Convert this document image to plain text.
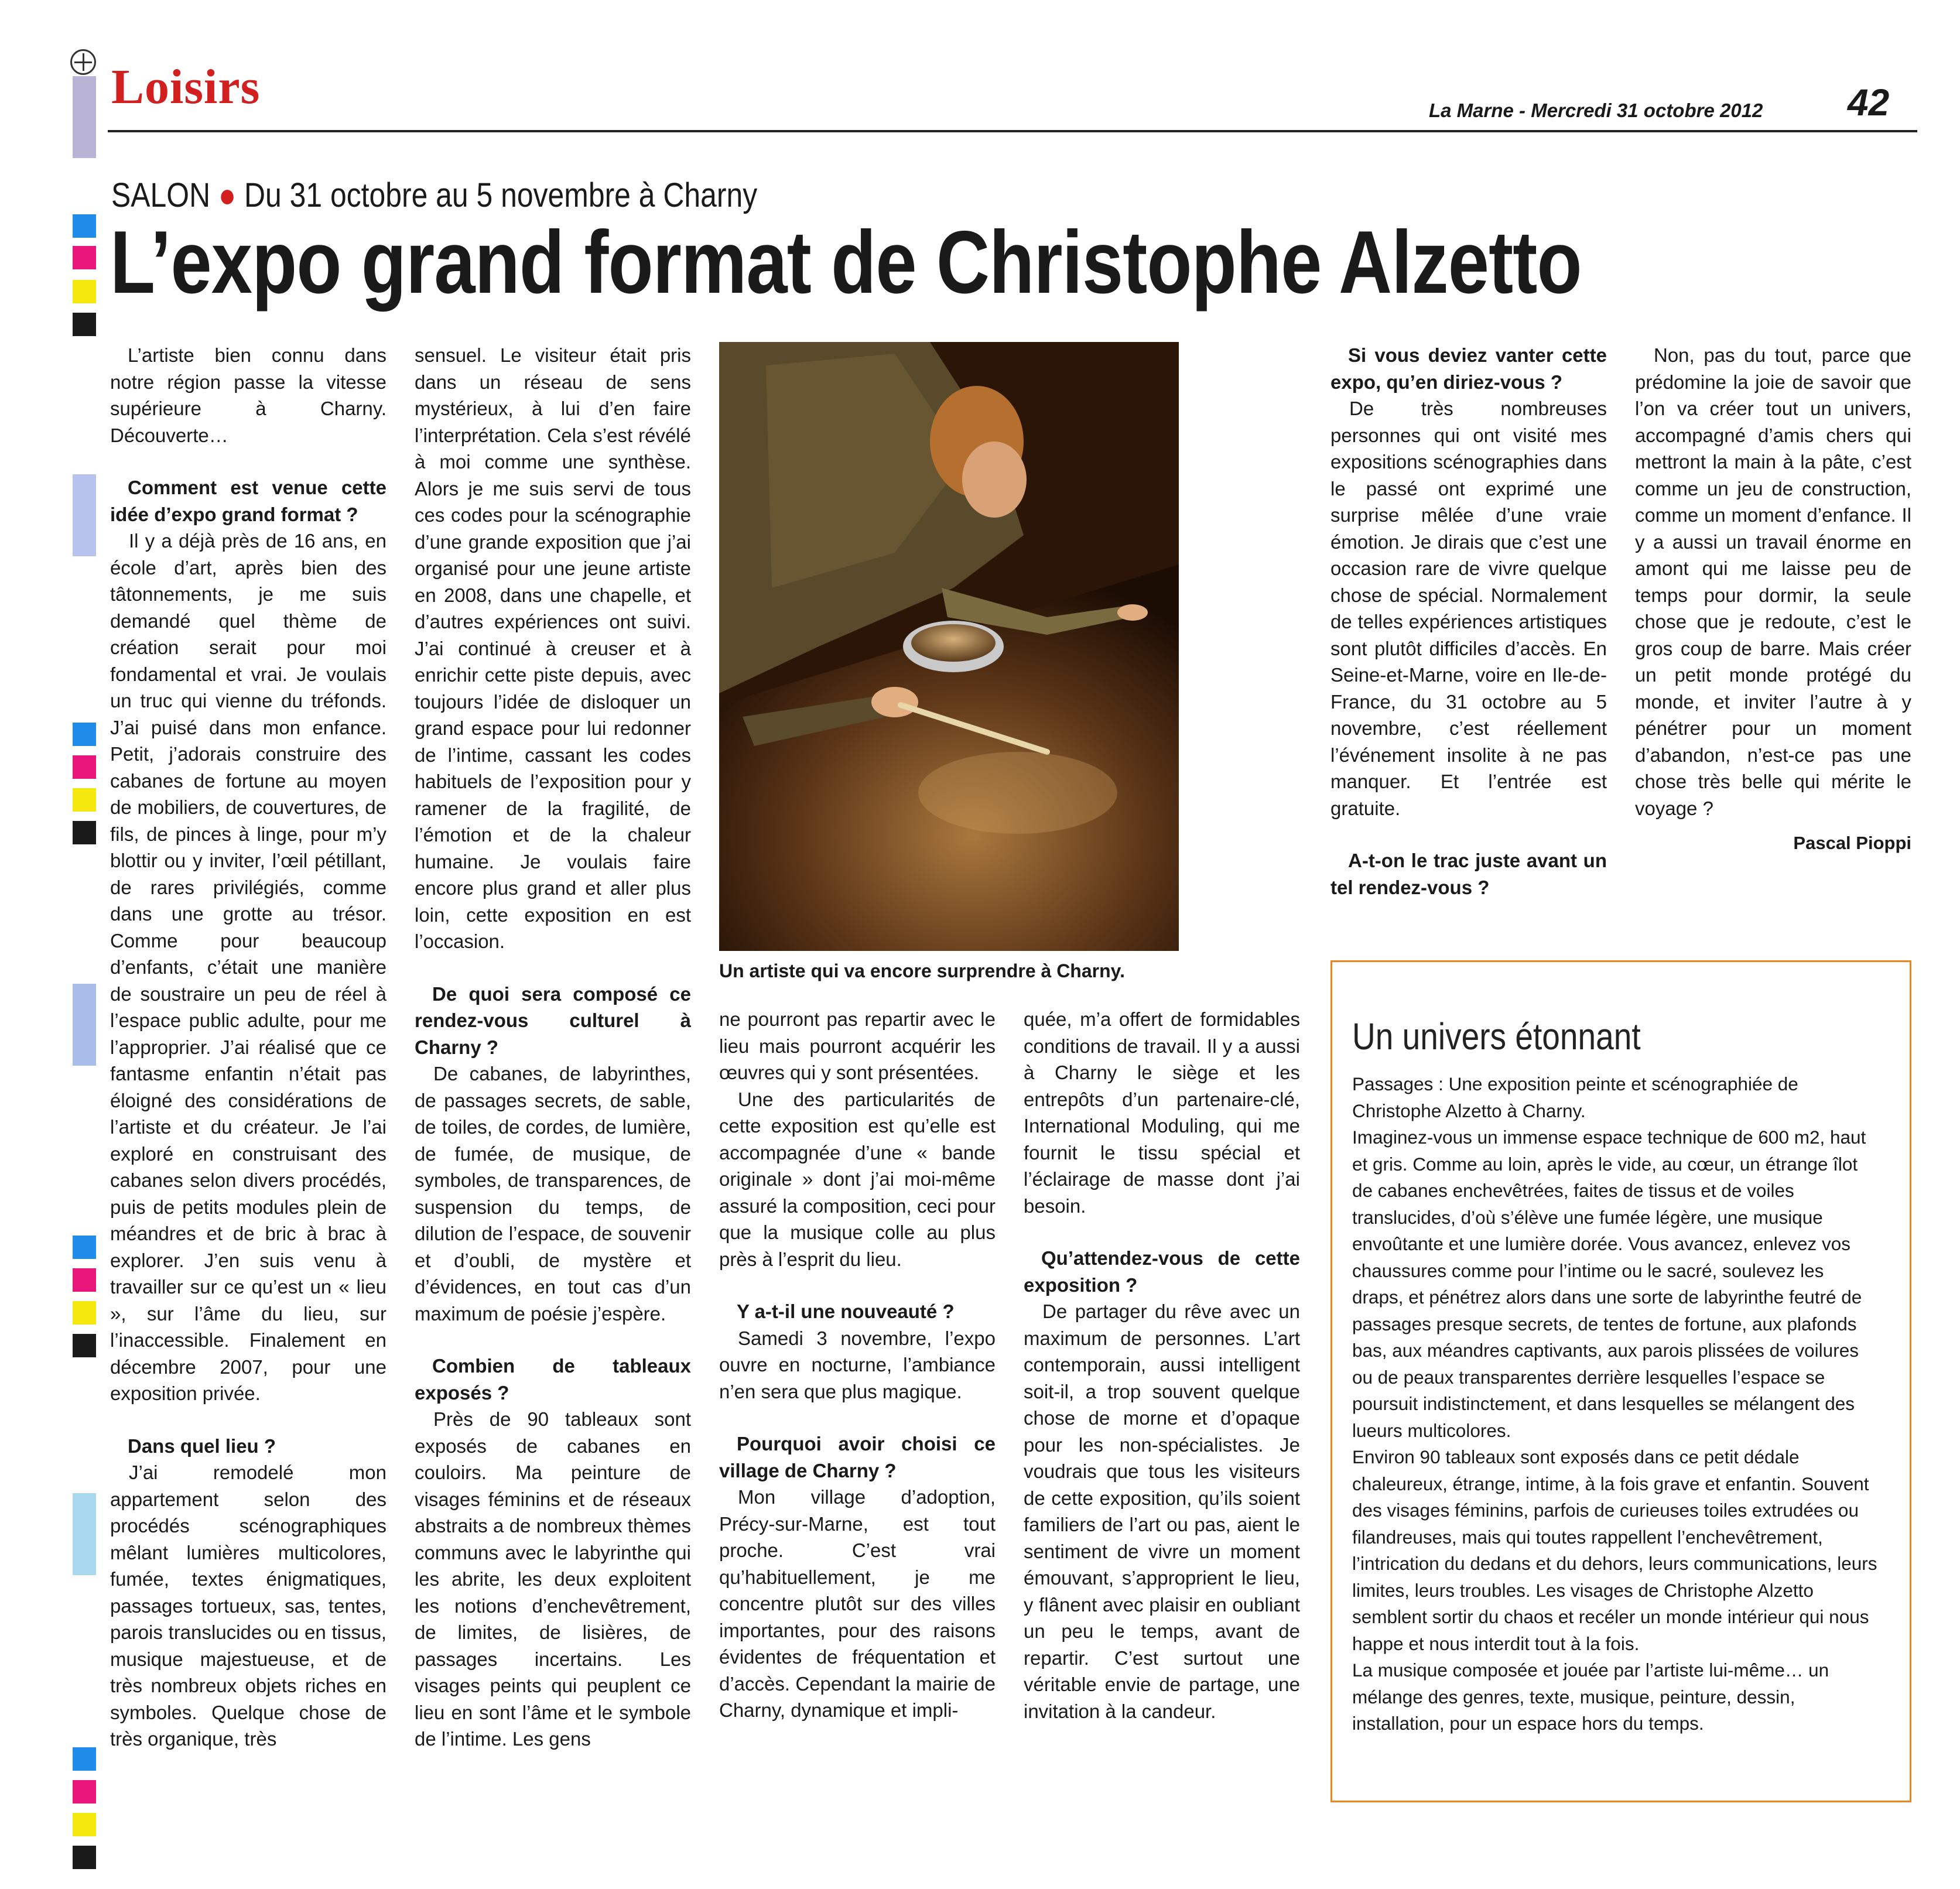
Loisirs	La Marne - Mercredi 31 octobre 2012 42
SALON ● Du 31 octobre au 5 novembre à Charny
L’expo grand format de Christophe Alzetto

L’artiste bien connu dans notre région passe la vitesse supérieure à Charny. Découverte…

Comment est venue cette idée d’expo grand format ?

Il y a déjà près de 16 ans, en école d’art, après bien des tâtonnements, je me suis demandé quel thème de création serait pour moi fondamental et vrai. Je voulais un truc qui vienne du tréfonds. J’ai puisé dans mon enfance. Petit, j’adorais construire des cabanes de fortune au moyen de mobiliers, de couvertures, de fils, de pinces à linge, pour m’y blottir ou y inviter, l’œil pétillant, de rares privilégiés, comme dans une grotte au trésor. Comme pour beaucoup d’enfants, c’était une manière de soustraire un peu de réel à l’espace public adulte, pour me l’approprier. J’ai réalisé que ce fantasme enfantin n’était pas éloigné des considérations de l’artiste et du créateur. Je l’ai exploré en construisant des cabanes selon divers procédés, puis de petits modules plein de méandres et de bric à brac à explorer. J’en suis venu à travailler sur ce qu’est un « lieu », sur l’âme du lieu, sur l’inaccessible. Finalement en décembre 2007, pour une exposition privée.

Dans quel lieu ?

J’ai remodelé mon appartement selon des procédés scénographiques mêlant lumières multicolores, fumée, textes énigmatiques, passages tortueux, sas, tentes, parois translucides ou en tissus, musique majestueuse, et de très nombreux objets riches en symboles. Quelque chose de très organique, très

sensuel. Le visiteur était pris dans un réseau de sens mystérieux, à lui d’en faire l’interprétation. Cela s’est révélé à moi comme une synthèse. Alors je me suis servi de tous ces codes pour la scénographie d’une grande exposition que j’ai organisé pour une jeune artiste en 2008, dans une chapelle, et d’autres expériences ont suivi. J’ai continué à creuser et à enrichir cette piste depuis, avec toujours l’idée de disloquer un grand espace pour lui redonner de l’intime, cassant les codes habituels de l’exposition pour y ramener de la fragilité, de l’émotion et de la chaleur humaine. Je voulais faire encore plus grand et aller plus loin, cette exposition en est l’occasion.

De quoi sera composé ce rendez-vous culturel à Charny ?

De cabanes, de labyrinthes, de passages secrets, de sable, de toiles, de cordes, de lumière, de fumée, de musique, de symboles, de transparences, de suspension du temps, de dilution de l’espace, de souvenir et d’oubli, de mystère et d’évidences, en tout cas d’un maximum de poésie j’espère.

Combien de tableaux exposés ?

Près de 90 tableaux sont exposés de cabanes en couloirs. Ma peinture de visages féminins et de réseaux abstraits a de nombreux thèmes communs avec le labyrinthe qui les abrite, les deux exploitent les notions d’enchevêtrement, de limites, de lisières, de passages incertains. Les visages peints qui peuplent ce lieu en sont l’âme et le symbole de l’intime. Les gens

Un artiste qui va encore surprendre à Charny.

ne pourront pas repartir avec le lieu mais pourront acquérir les œuvres qui y sont présentées.

Une des particularités de cette exposition est qu’elle est accompagnée d’une « bande originale » dont j’ai moi-même assuré la composition, ceci pour que la musique colle au plus près à l’esprit du lieu.

Y a-t-il une nouveauté ?

Samedi 3 novembre, l’expo ouvre en nocturne, l’ambiance n’en sera que plus magique.

Pourquoi avoir choisi ce village de Charny ?

Mon village d’adoption, Précy-sur-Marne, est tout proche. C’est vrai qu’habituellement, je me concentre plutôt sur des villes importantes, pour des raisons évidentes de fréquentation et d’accès. Cependant la mairie de Charny, dynamique et impli-

quée, m’a offert de formidables conditions de travail. Il y a aussi à Charny le siège et les entrepôts d’un partenaire-clé, International Moduling, qui me fournit le tissu spécial et l’éclairage de masse dont j’ai besoin.

Qu’attendez-vous de cette exposition ?

De partager du rêve avec un maximum de personnes. L’art contemporain, aussi intelligent soit-il, a trop souvent quelque chose de morne et d’opaque pour les non-spécialistes. Je voudrais que tous les visiteurs de cette exposition, qu’ils soient familiers de l’art ou pas, aient le sentiment de vivre un moment émouvant, s’approprient le lieu, y flânent avec plaisir en oubliant un peu le temps, avant de repartir. C’est surtout une véritable envie de partage, une invitation à la candeur.

Si vous deviez vanter cette expo, qu’en diriez-vous ?

De très nombreuses personnes qui ont visité mes expositions scénographies dans le passé ont exprimé une surprise mêlée d’une vraie émotion. Je dirais que c’est une occasion rare de vivre quelque chose de spécial. Normalement de telles expériences artistiques sont plutôt difficiles d’accès. En Seine-et-Marne, voire en Ile-de-France, du 31 octobre au 5 novembre, c’est réellement l’événement insolite à ne pas manquer. Et l’entrée est gratuite.

A-t-on le trac juste avant un tel rendez-vous ?

Non, pas du tout, parce que prédomine la joie de savoir que l’on va créer tout un univers, accompagné d’amis chers qui mettront la main à la pâte, c’est comme un jeu de construction, comme un moment d’enfance. Il y a aussi un travail énorme en amont qui me laisse peu de temps pour dormir, la seule chose que je redoute, c’est le gros coup de barre. Mais créer un petit monde protégé du monde, et inviter l’autre à y pénétrer pour un moment d’abandon, n’est-ce pas une chose très belle qui mérite le voyage ?

Pascal Pioppi
Un univers étonnant

Passages : Une exposition peinte et scénographiée de Christophe Alzetto à Charny.

Imaginez-vous un immense espace technique de 600 m2, haut et gris. Comme au loin, après le vide, au cœur, un étrange îlot de cabanes enchevêtrées, faites de tissus et de voiles translucides, d’où s’élève une fumée légère, une musique envoûtante et une lumière dorée. Vous avancez, enlevez vos chaussures comme pour l’intime ou le sacré, soulevez les draps, et pénétrez alors dans une sorte de labyrinthe feutré de passages presque secrets, de tentes de fortune, aux plafonds bas, aux méandres captivants, aux parois plissées de voilures ou de peaux transparentes derrière lesquelles l’espace se poursuit indistinctement, et dans lesquelles se mélangent des lueurs multicolores.

Environ 90 tableaux sont exposés dans ce petit dédale chaleureux, étrange, intime, à la fois grave et enfantin. Souvent des visages féminins, parfois de curieuses toiles extrudées ou filandreuses, mais qui toutes rappellent l’enchevêtrement, l’intrication du dedans et du dehors, leurs communications, leurs limites, leurs troubles. Les visages de Christophe Alzetto semblent sortir du chaos et recéler un monde intérieur qui nous happe et nous interdit tout à la fois.

La musique composée et jouée par l’artiste lui-même… un mélange des genres, texte, musique, peinture, dessin, installation, pour un espace hors du temps.
